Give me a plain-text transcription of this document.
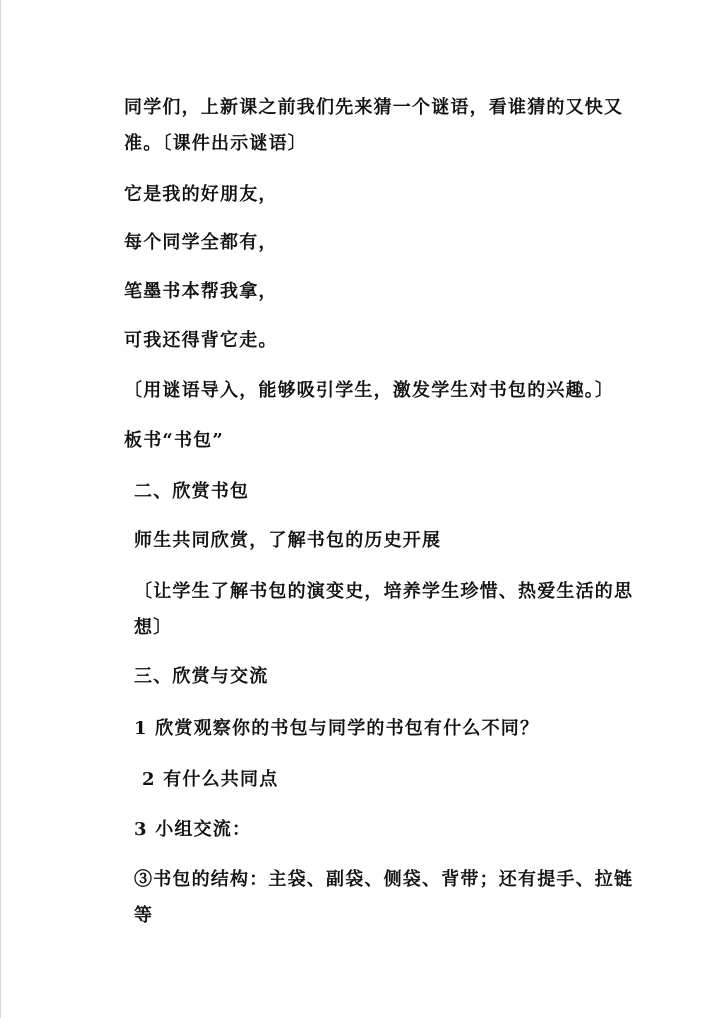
同学们，上新课之前我们先来猜一个谜语，看谁猜的又快又准。〔课件出示谜语〕

它是我的好朋友，

每个同学全都有，

笔墨书本帮我拿，

可我还得背它走。

〔用谜语导入，能够吸引学生，激发学生对书包的兴趣。〕

板书“书包”

二、欣赏书包

师生共同欣赏，了解书包的历史开展

〔让学生了解书包的演变史，培养学生珍惜、热爱生活的思想〕

三、欣赏与交流

1 欣赏观察你的书包与同学的书包有什么不同？

2 有什么共同点

3 小组交流：

③书包的结构：主袋、副袋、侧袋、背带；还有提手、拉链等
